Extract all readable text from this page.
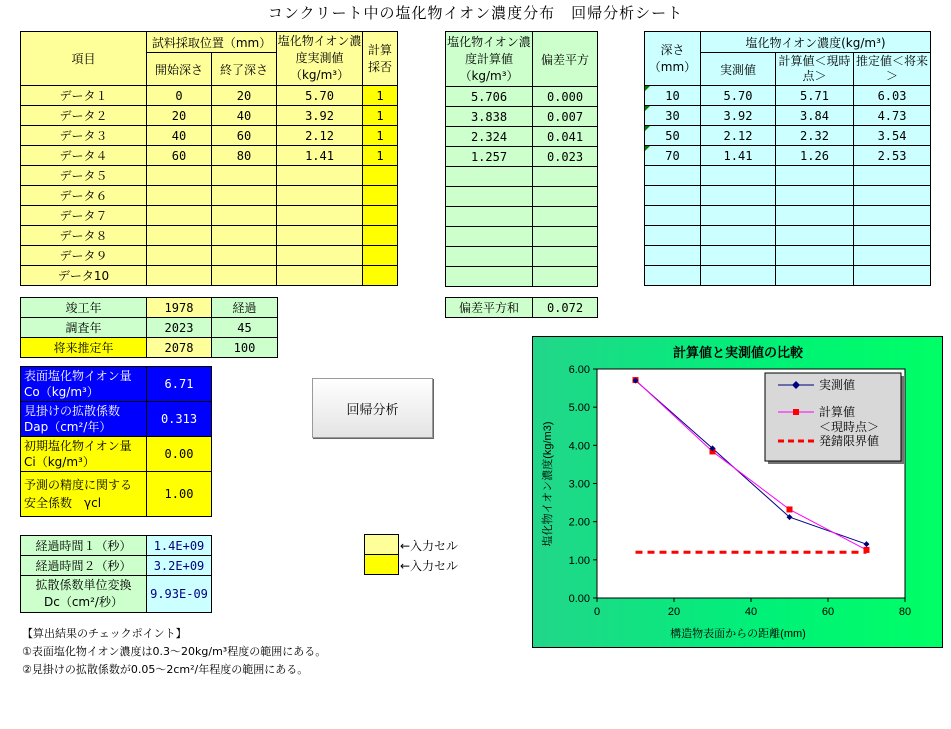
コンクリート中の塩化物イオン濃度分布　回帰分析シート
項目	試料採取位置（mm）		塩化物イオン濃度実測値（kg/m³）	計算採否
	開始深さ	終了深さ		
データ１	0	20	5.70	1
データ２	20	40	3.92	1
データ３	40	60	2.12	1
データ４	60	80	1.41	1
データ５				
データ６				
データ７				
データ８				
データ９				
データ10				
塩化物イオン濃度計算値（kg/m³）	偏差平方
5.706	0.000
3.838	0.007
2.324	0.041
1.257	0.023

深さ（mm）	塩化物イオン濃度(kg/m³)		
	実測値	計算値＜現時点＞	推定値＜将来＞
10	5.70	5.71	6.03
30	3.92	3.84	4.73
50	2.12	2.32	3.54
70	1.41	1.26	2.53

偏差平方和	0.072
竣工年	1978	経過
調査年	2023	45
将来推定年	2078	100
表面塩化物イオン量
Co（kg/m³）	6.71
見掛けの拡散係数
Dap（cm²/年）	0.313
初期塩化物イオン量
Ci（kg/m³）	0.00
予測の精度に関する
安全係数　γcl	1.00
経過時間１（秒）	1.4E+09
経過時間２（秒）	3.2E+09
拡散係数単位変換
Dc（cm²/秒）	9.93E-09
回帰分析
←入力セル
←入力セル
【算出結果のチェックポイント】
①表面塩化物イオン濃度は0.3～20kg/m³程度の範囲にある。
②見掛けの拡散係数が0.05～2cm²/年程度の範囲にある。
計算値と実測値の比較
0.00
1.00
2.00
3.00
4.00
5.00
6.00
0	20	40	60	80
構造物表面からの距離(mm)
塩化物イオン濃度(kg/m3)
実測値
計算値
＜現時点＞
発錆限界値
